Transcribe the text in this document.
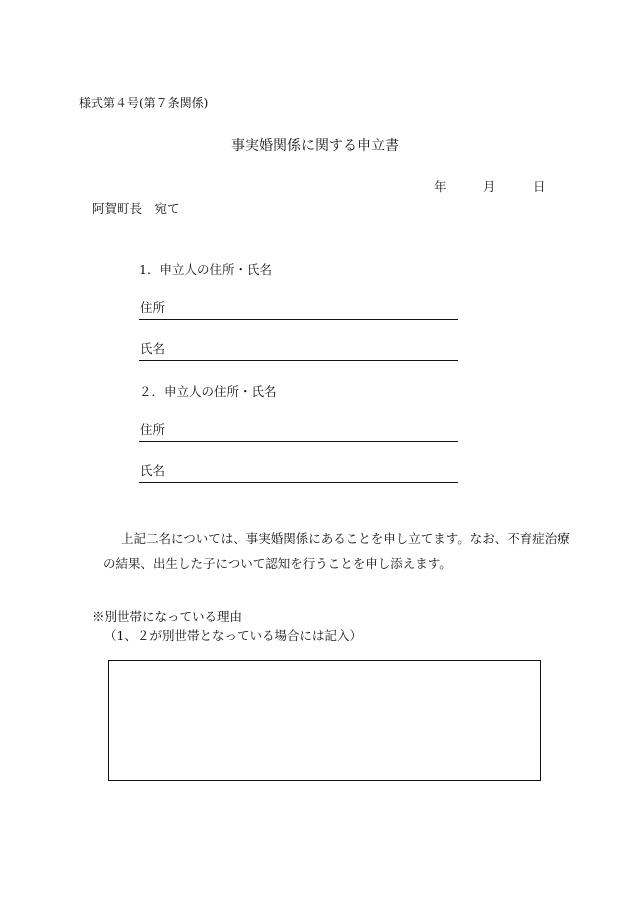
様式第４号(第７条関係)
事実婚関係に関する申立書
年	月	日
阿賀町長　宛て
1．申立人の住所・氏名
住所
氏名
２．申立人の住所・氏名
住所
氏名

上記二名については、事実婚関係にあることを申し立てます。なお、不育症治療

の結果、出生した子について認知を行うことを申し添えます。

※別世帯になっている理由
（1、２が別世帯となっている場合には記入）
